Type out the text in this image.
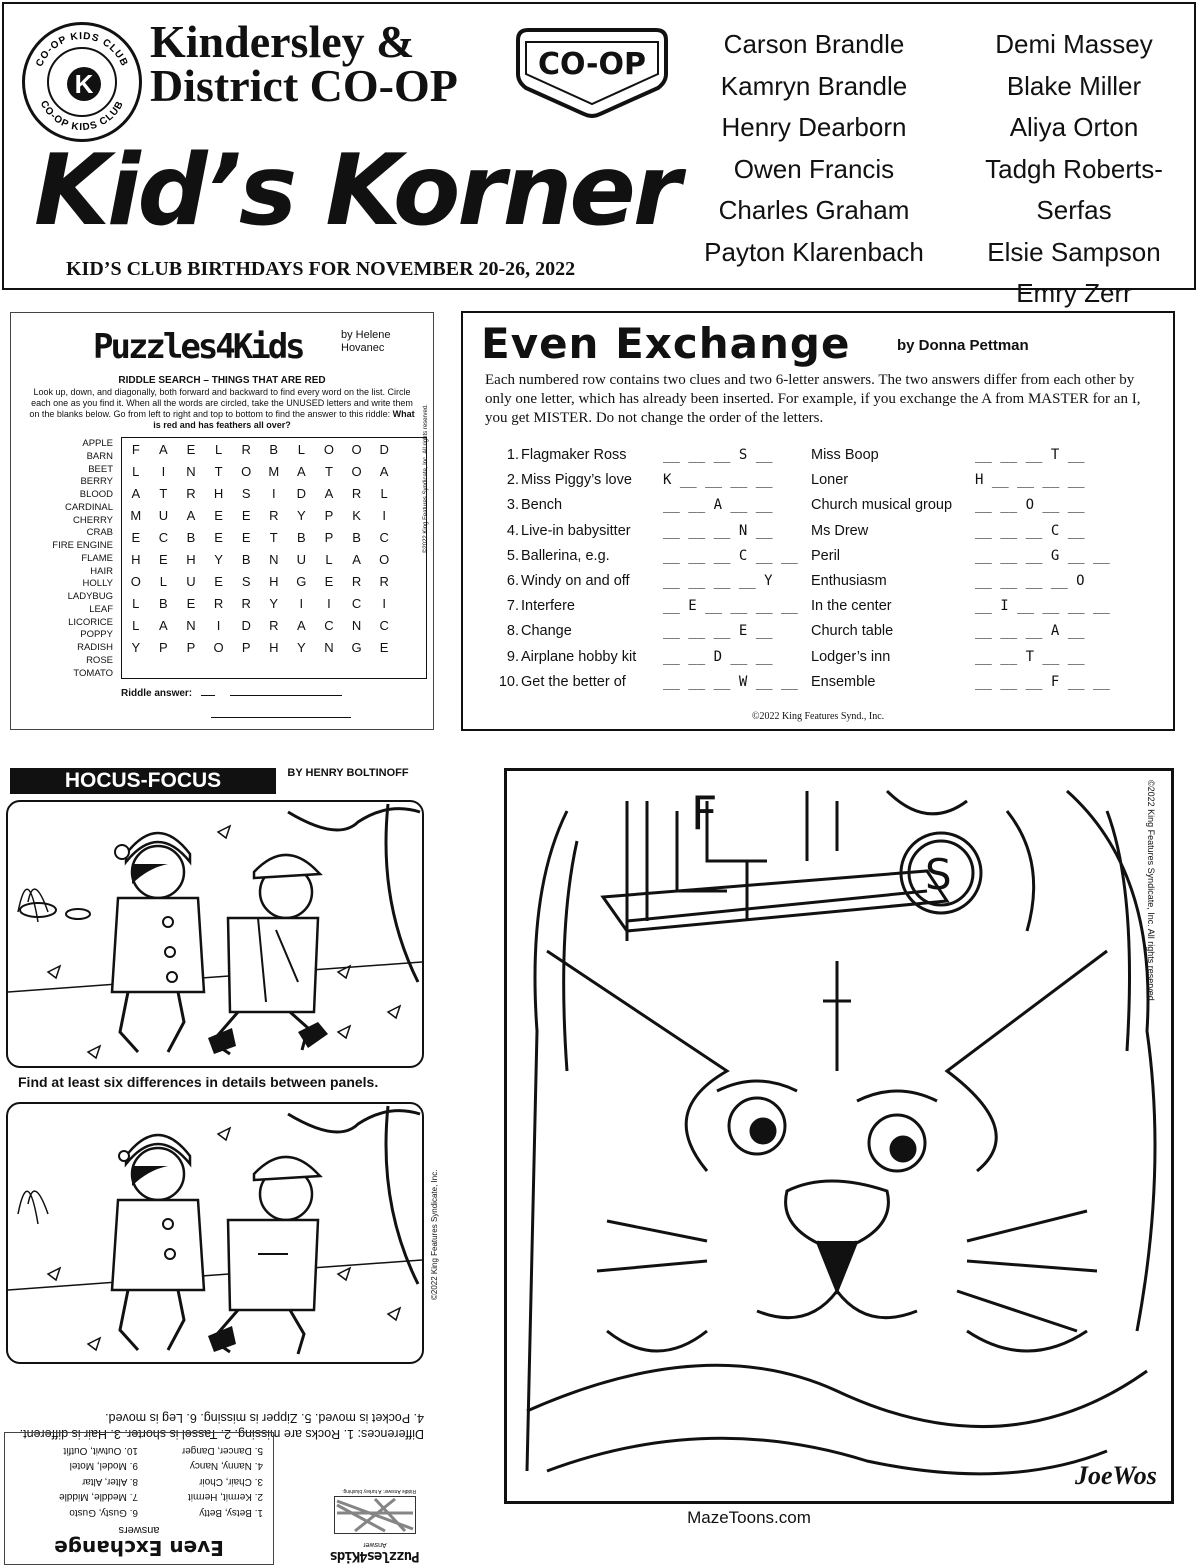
CO-OP KIDS CLUB
CO-OP KIDS CLUB
K
Kindersley & District CO-OP	CO-OP
Kid’s Korner
KID’S CLUB BIRTHDAYS FOR NOVEMBER 20-26, 2022
Carson Brandle
Kamryn Brandle
Henry Dearborn
Owen Francis
Charles Graham
Payton Klarenbach
Demi Massey
Blake Miller
Aliya Orton
Tadgh Roberts-Serfas
Elsie Sampson
Emry Zerr
Puzzles4Kids	by Helene Hovanec
RIDDLE SEARCH – THINGS THAT ARE RED
Look up, down, and diagonally, both forward and backward to find every word on the list. Circle each one as you find it. When all the words are circled, take the UNUSED letters and write them on the blanks below. Go from left to right and top to bottom to find the answer to this riddle: What is red and has feathers all over?
APPLE
BARN
BEET
BERRY
BLOOD
CARDINAL
CHERRY
CRAB
FIRE ENGINE
FLAME
HAIR
HOLLY
LADYBUG
LEAF
LICORICE
POPPY
RADISH
ROSE
TOMATO
F	A	E	L	R	B	L	O	O	D
L	I	N	T	O	M	A	T	O	A
A	T	R	H	S	I	D	A	R	L
M	U	A	E	E	R	Y	P	K	I
E	C	B	E	E	T	B	P	B	C
H	E	H	Y	B	N	U	L	A	O
O	L	U	E	S	H	G	E	R	R
L	B	E	R	R	Y	I	I	C	I
L	A	N	I	D	R	A	C	N	C
Y	P	P	O	P	H	Y	N	G	E
©2022 King Features Syndicate, Inc. All rights reserved.
Riddle answer:

Even Exchange	by Donna Pettman
Each numbered row contains two clues and two 6-letter answers. The two answers differ from each other by only one letter, which has already been inserted. For example, if you exchange the A from MASTER for an I, you get MISTER. Do not change the order of the letters.
1. Flagmaker Ross	__ __ __ S __	Miss Boop	__ __ __ T __
2. Miss Piggy’s love K __ __ __ __	Loner	H __ __ __ __
3. Bench	__ __ A __ __	Church musical group __ __ O __ __
4. Live-in babysitter __ __ __ N __	Ms Drew	__ __ __ C __
5. Ballerina, e.g.	__ __ __ C __ __ Peril	__ __ __ G __ __
6. Windy on and off __ __ __ __ Y	Enthusiasm	__ __ __ __ O
7. Interfere	__ E __ __ __ __ In the center	__ I __ __ __ __
8. Change	__ __ __ E __	Church table	__ __ __ A __
9. Airplane hobby kit __ __ D __ __	Lodger’s inn	__ __ T __ __
10. Get the better of	__ __ __ W __ __ Ensemble	__ __ __ F __ __
©2022 King Features Synd., Inc.
HOCUS-FOCUS	BY HENRY BOLTINOFF
Find at least six differences in details between panels.
©2022 King Features Syndicate, Inc.
Differences: 1. Rocks are missing. 2. Tassel is shorter. 3. Hair is different. 4. Pocket is moved. 5. Zipper is missing. 6. Leg is moved.
Even Exchange
answers
1. Betsy, Betty
6. Gusty, Gusto
2. Kermit, Hermit
7. Meddle, Middle
3. Chair, Choir
8. Alter, Altar
4. Nanny, Nancy
9. Model, Motel
5. Dancer, Danger
10. Outwit, Outfit
Puzzles4Kids
Answer
Riddle Answer: A turkey blushing.
F
S
JoeWos
MazeToons.com
©2022 King Features Syndicate, Inc. All rights reserved.
